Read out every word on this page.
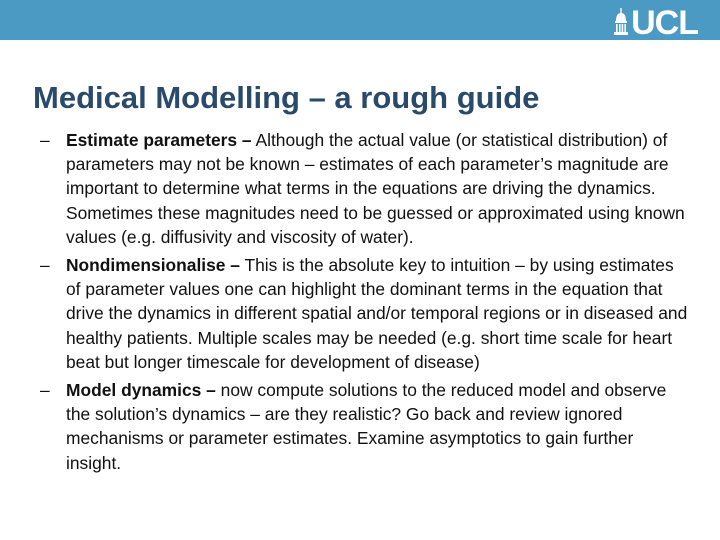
UCL
Medical Modelling – a rough guide
– Estimate parameters – Although the actual value (or statistical distribution) of parameters may not be known – estimates of each parameter’s magnitude are important to determine what terms in the equations are driving the dynamics. Sometimes these magnitudes need to be guessed or approximated using known values (e.g. diffusivity and viscosity of water).
– Nondimensionalise – This is the absolute key to intuition – by using estimates of parameter values one can highlight the dominant terms in the equation that drive the dynamics in different spatial and/or temporal regions or in diseased and healthy patients. Multiple scales may be needed (e.g. short time scale for heart beat but longer timescale for development of disease)
– Model dynamics – now compute solutions to the reduced model and observe the solution’s dynamics – are they realistic? Go back and review ignored mechanisms or parameter estimates. Examine asymptotics to gain further insight.
